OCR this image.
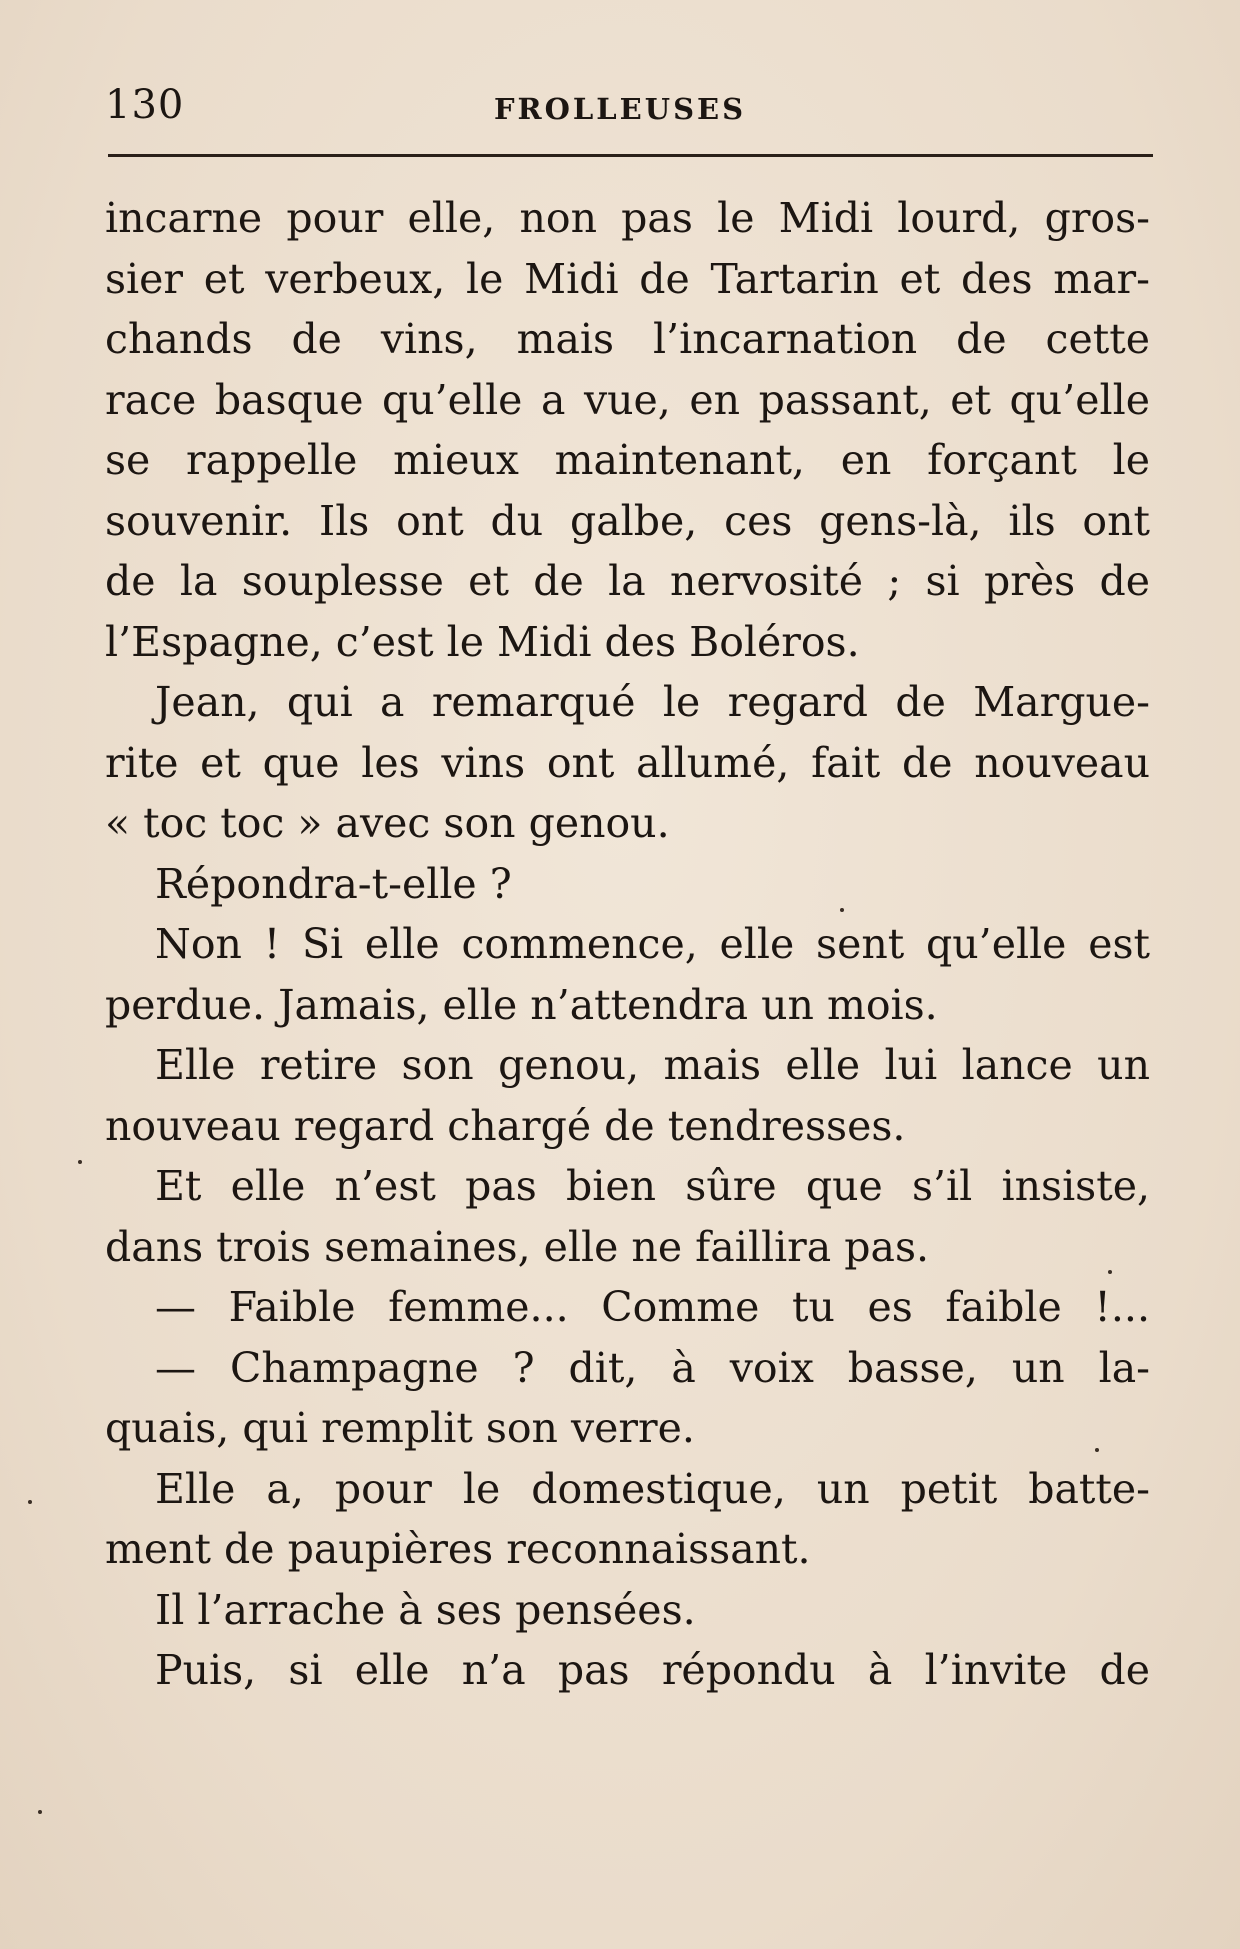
130	FROLLEUSES
incarne pour elle, non pas le Midi lourd, gros-
sier et verbeux, le Midi de Tartarin et des mar-
chands de vins, mais l’incarnation de cette
race basque qu’elle a vue, en passant, et qu’elle
se rappelle mieux maintenant, en forçant le
souvenir. Ils ont du galbe, ces gens-là, ils ont
de la souplesse et de la nervosité ; si près de
l’Espagne, c’est le Midi des Boléros.
Jean, qui a remarqué le regard de Margue-
rite et que les vins ont allumé, fait de nouveau
« toc toc » avec son genou.
Répondra-t-elle ?
Non ! Si elle commence, elle sent qu’elle est
perdue. Jamais, elle n’attendra un mois.
Elle retire son genou, mais elle lui lance un
nouveau regard chargé de tendresses.
Et elle n’est pas bien sûre que s’il insiste,
dans trois semaines, elle ne faillira pas.
— Faible femme... Comme tu es faible !...
— Champagne ? dit, à voix basse, un la-
quais, qui remplit son verre.
Elle a, pour le domestique, un petit batte-
ment de paupières reconnaissant.
Il l’arrache à ses pensées.
Puis, si elle n’a pas répondu à l’invite de
